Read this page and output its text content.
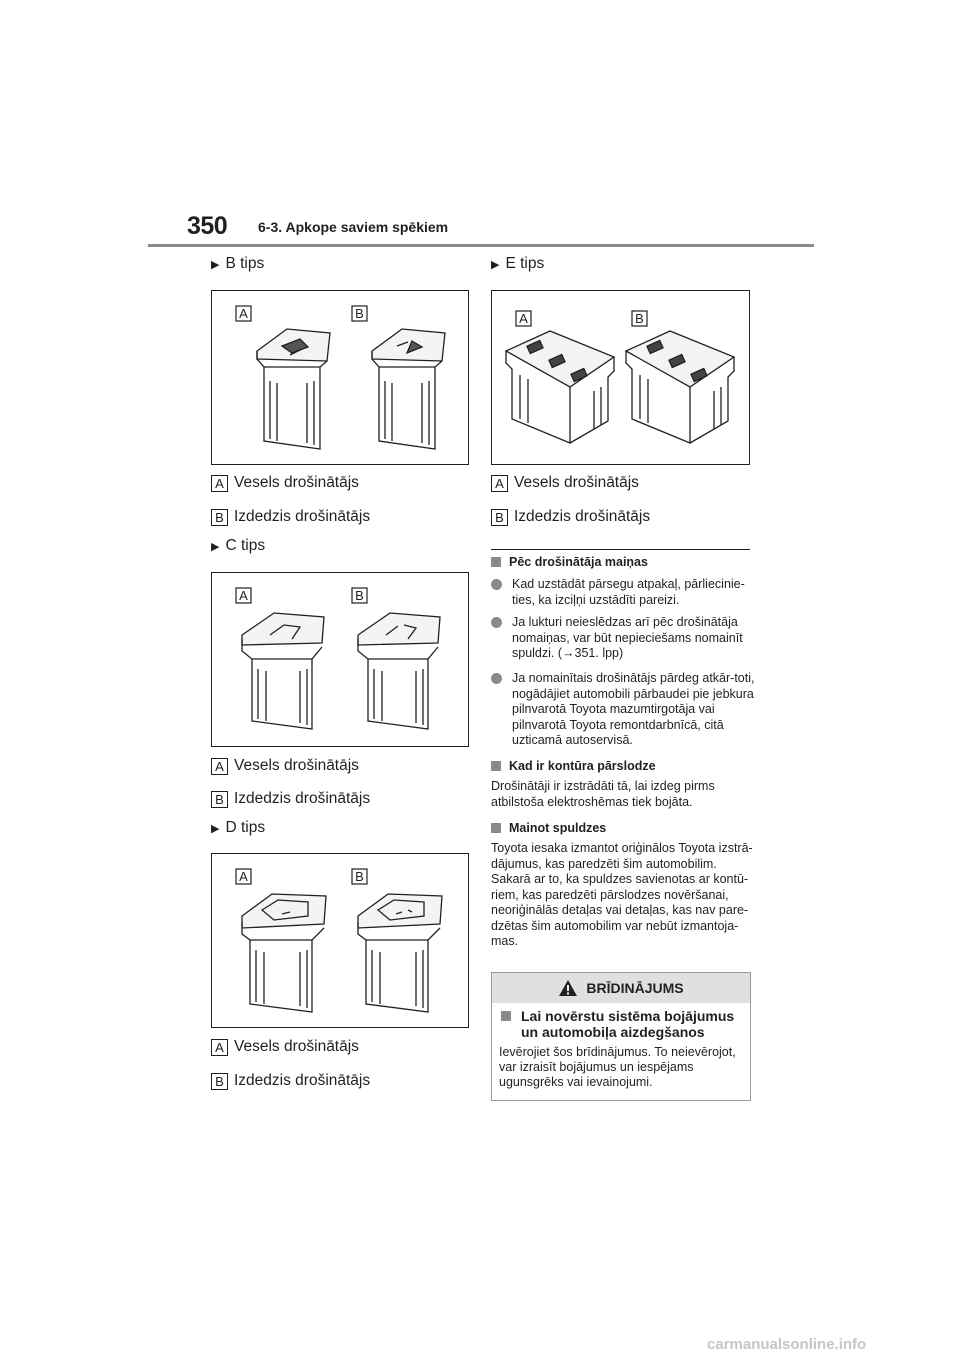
350 6-3. Apkope saviem spēkiem
▶ B tips
A	B
A Vesels drošinātājs
B Izdedzis drošinātājs
▶ C tips
A	B
A Vesels drošinātājs
B Izdedzis drošinātājs
▶ D tips
A	B
A Vesels drošinātājs
B Izdedzis drošinātājs
▶ E tips
A	B
A Vesels drošinātājs
B Izdedzis drošinātājs
Pēc drošinātāja maiņas
Kad uzstādāt pārsegu atpakaļ, pārliecinie-ties, ka izciļņi uzstādīti pareizi.
Ja lukturi neieslēdzas arī pēc drošinātāja nomaiņas, var būt nepieciešams nomainīt spuldzi. (→351. lpp)
Ja nomainītais drošinātājs pārdeg atkār-toti, nogādājiet automobili pārbaudei pie jebkura pilnvarotā Toyota mazumtirgotāja vai pilnvarotā Toyota remontdarbnīcā, citā uzticamā autoservisā.
Kad ir kontūra pārslodze
Drošinātāji ir izstrādāti tā, lai izdeg pirms atbilstoša elektroshēmas tiek bojāta.
Mainot spuldzes
Toyota iesaka izmantot oriģinālos Toyota izstrā-dājumus, kas paredzēti šim automobilim. Sakarā ar to, ka spuldzes savienotas ar kontū-riem, kas paredzēti pārslodzes novēršanai, neoriģinālās detaļas vai detaļas, kas nav pare-dzētas šim automobilim var nebūt izmantoja-mas.
BRĪDINĀJUMS
Lai novērstu sistēma bojājumus un automobiļa aizdegšanos
Ievērojiet šos brīdinājumus. To neievērojot, var izraisīt bojājumus un iespējams ugunsgrēks vai ievainojumi.
carmanualsonline.info
